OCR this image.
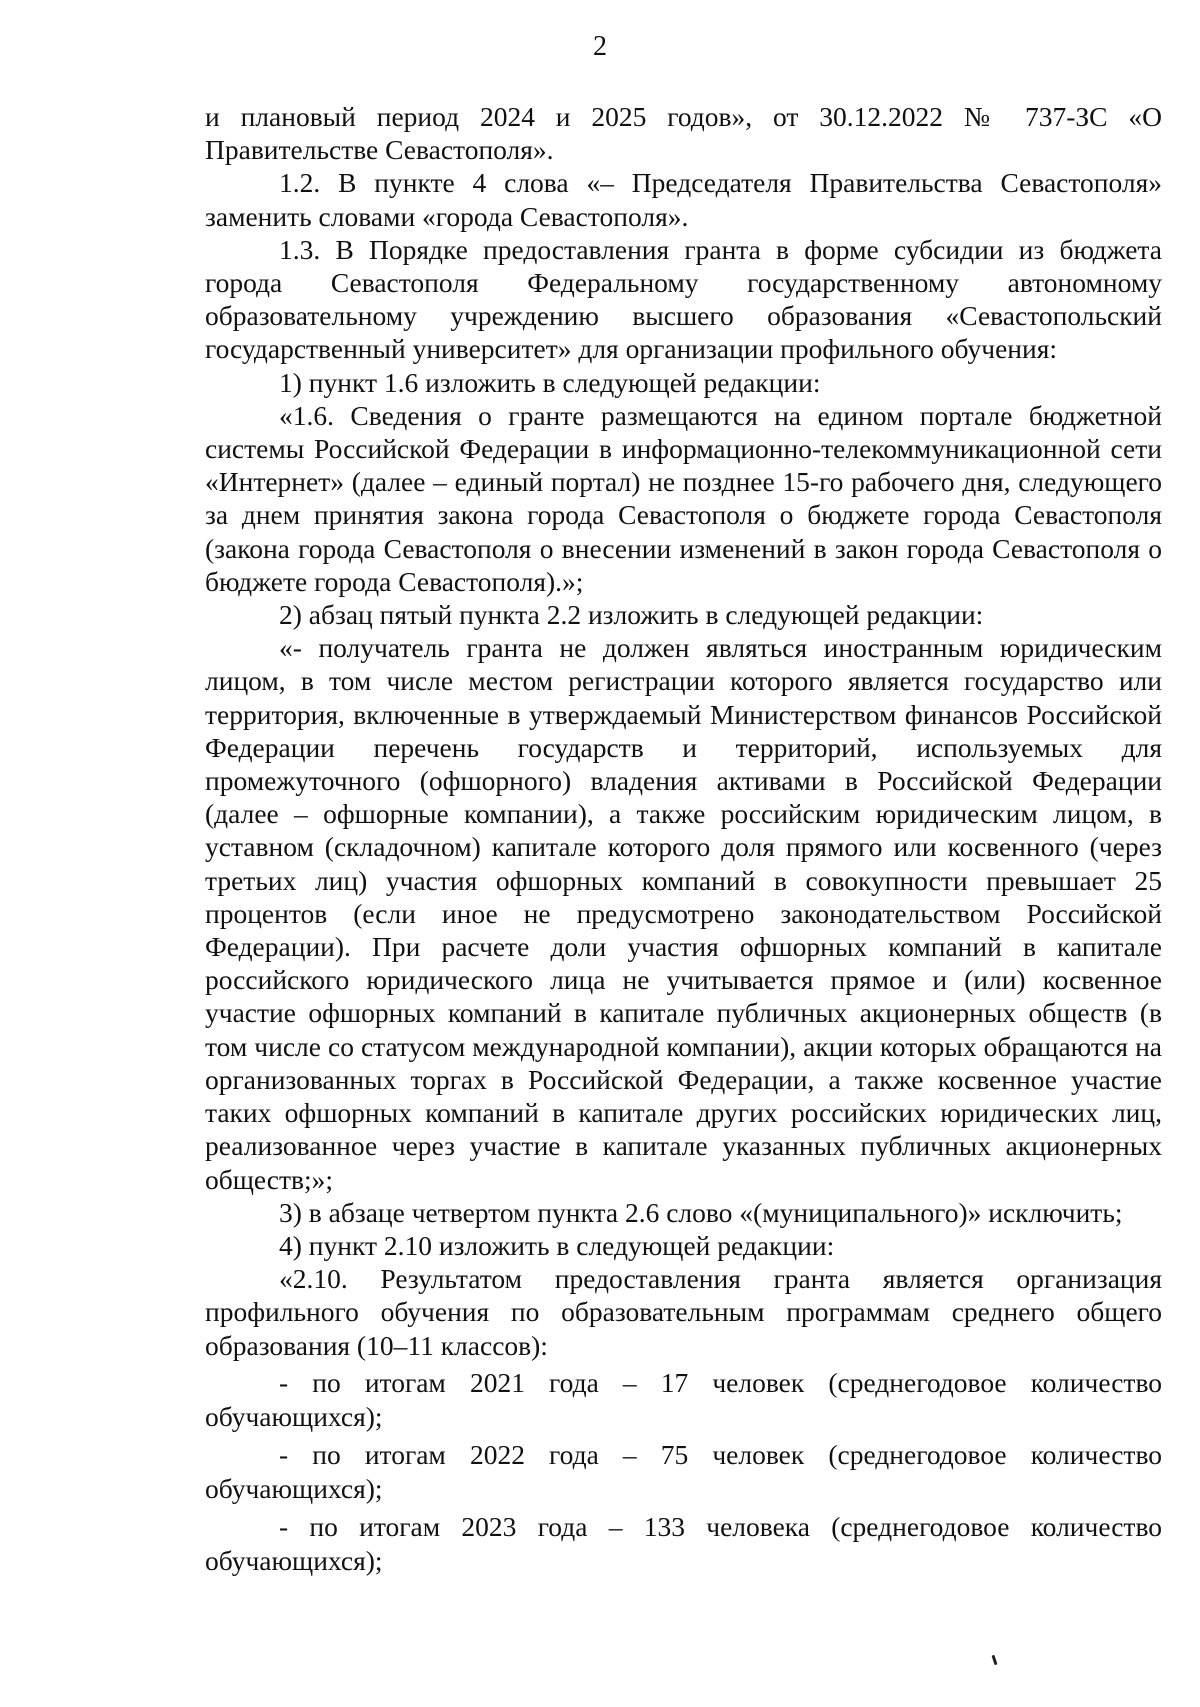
2

и плановый период 2024 и 2025 годов», от 30.12.2022 № 737-ЗС «О Правительстве Севастополя».

1.2. В пункте 4 слова «– Председателя Правительства Севастополя» заменить словами «города Севастополя».

1.3. В Порядке предоставления гранта в форме субсидии из бюджета города Севастополя Федеральному государственному автономному образовательному учреждению высшего образования «Севастопольский государственный университет» для организации профильного обучения:

1) пункт 1.6 изложить в следующей редакции:

«1.6. Сведения о гранте размещаются на едином портале бюджетной системы Российской Федерации в информационно-телекоммуникационной сети «Интернет» (далее – единый портал) не позднее 15-го рабочего дня, следующего за днем принятия закона города Севастополя о бюджете города Севастополя (закона города Севастополя о внесении изменений в закон города Севастополя о бюджете города Севастополя).»;

2) абзац пятый пункта 2.2 изложить в следующей редакции:

«- получатель гранта не должен являться иностранным юридическим лицом, в том числе местом регистрации которого является государство или территория, включенные в утверждаемый Министерством финансов Российской Федерации перечень государств и территорий, используемых для промежуточного (офшорного) владения активами в Российской Федерации (далее – офшорные компании), а также российским юридическим лицом, в уставном (складочном) капитале которого доля прямого или косвенного (через третьих лиц) участия офшорных компаний в совокупности превышает 25 процентов (если иное не предусмотрено законодательством Российской Федерации). При расчете доли участия офшорных компаний в капитале российского юридического лица не учитывается прямое и (или) косвенное участие офшорных компаний в капитале публичных акционерных обществ (в том числе со статусом международной компании), акции которых обращаются на организованных торгах в Российской Федерации, а также косвенное участие таких офшорных компаний в капитале других российских юридических лиц, реализованное через участие в капитале указанных публичных акционерных обществ;»;

3) в абзаце четвертом пункта 2.6 слово «(муниципального)» исключить;

4) пункт 2.10 изложить в следующей редакции:

«2.10. Результатом предоставления гранта является организация профильного обучения по образовательным программам среднего общего образования (10–11 классов):

- по итогам 2021 года – 17 человек (среднегодовое количество обучающихся);

- по итогам 2022 года – 75 человек (среднегодовое количество обучающихся);

- по итогам 2023 года – 133 человека (среднегодовое количество обучающихся);
